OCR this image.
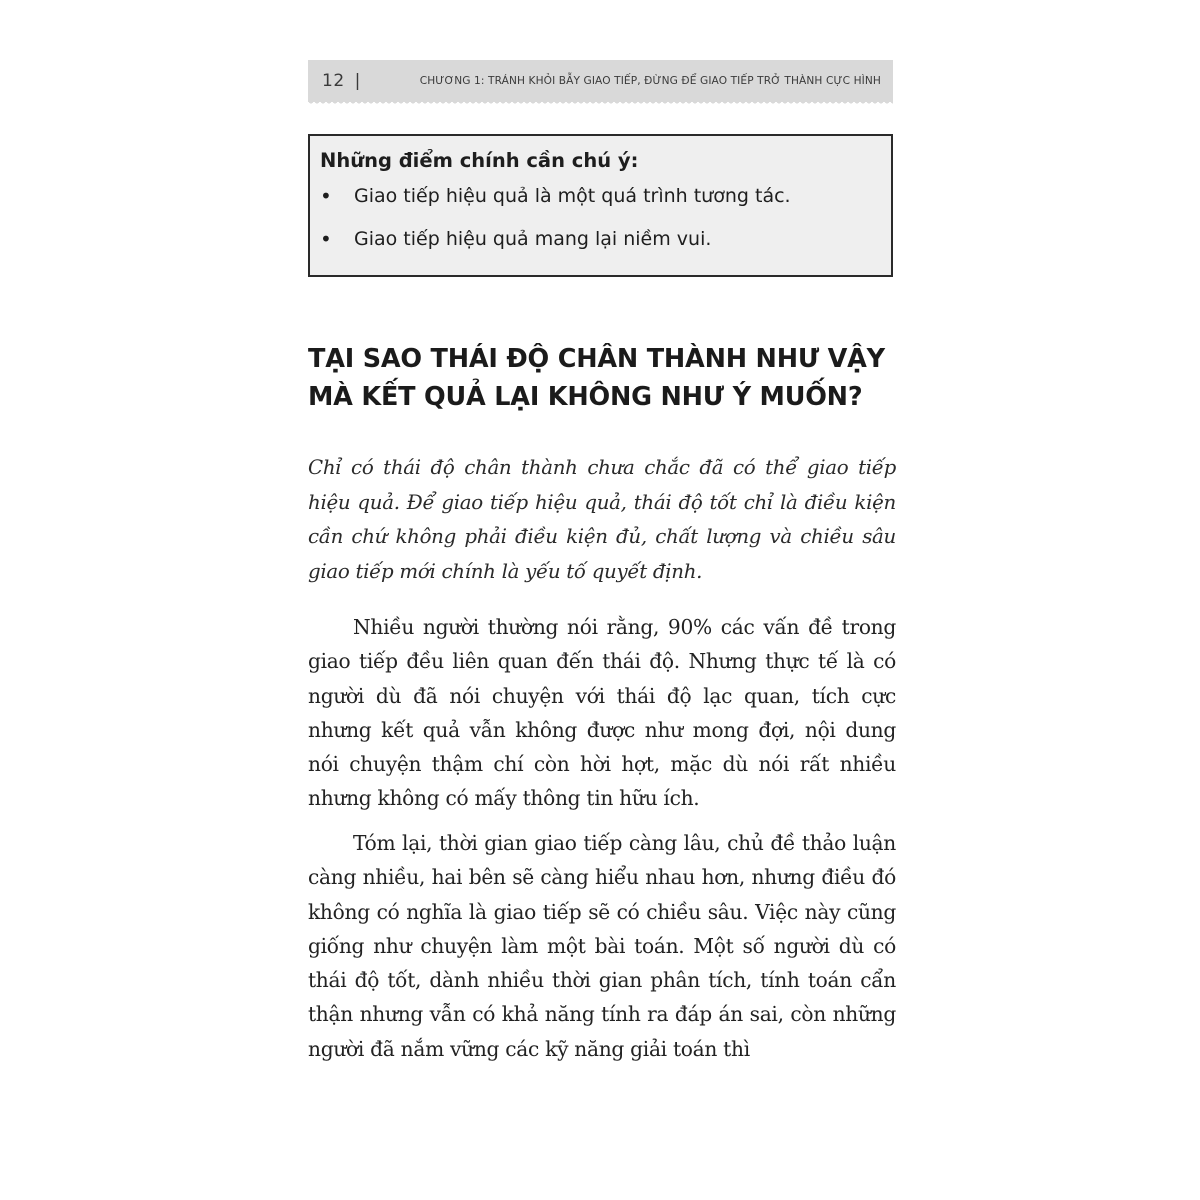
12 |	CHƯƠNG 1: TRÁNH KHỎI BẪY GIAO TIẾP, ĐỪNG ĐỂ GIAO TIẾP TRỞ THÀNH CỰC HÌNH
Những điểm chính cần chú ý:
•	Giao tiếp hiệu quả là một quá trình tương tác.
•	Giao tiếp hiệu quả mang lại niềm vui.
TẠI SAO THÁI ĐỘ CHÂN THÀNH NHƯ VẬY MÀ KẾT QUẢ LẠI KHÔNG NHƯ Ý MUỐN?

Chỉ có thái độ chân thành chưa chắc đã có thể giao tiếp hiệu quả. Để giao tiếp hiệu quả, thái độ tốt chỉ là điều kiện cần chứ không phải điều kiện đủ, chất lượng và chiều sâu giao tiếp mới chính là yếu tố quyết định.

Nhiều người thường nói rằng, 90% các vấn đề trong giao tiếp đều liên quan đến thái độ. Nhưng thực tế là có người dù đã nói chuyện với thái độ lạc quan, tích cực nhưng kết quả vẫn không được như mong đợi, nội dung nói chuyện thậm chí còn hời hợt, mặc dù nói rất nhiều nhưng không có mấy thông tin hữu ích.

Tóm lại, thời gian giao tiếp càng lâu, chủ đề thảo luận càng nhiều, hai bên sẽ càng hiểu nhau hơn, nhưng điều đó không có nghĩa là giao tiếp sẽ có chiều sâu. Việc này cũng giống như chuyện làm một bài toán. Một số người dù có thái độ tốt, dành nhiều thời gian phân tích, tính toán cẩn thận nhưng vẫn có khả năng tính ra đáp án sai, còn những người đã nắm vững các kỹ năng giải toán thì
